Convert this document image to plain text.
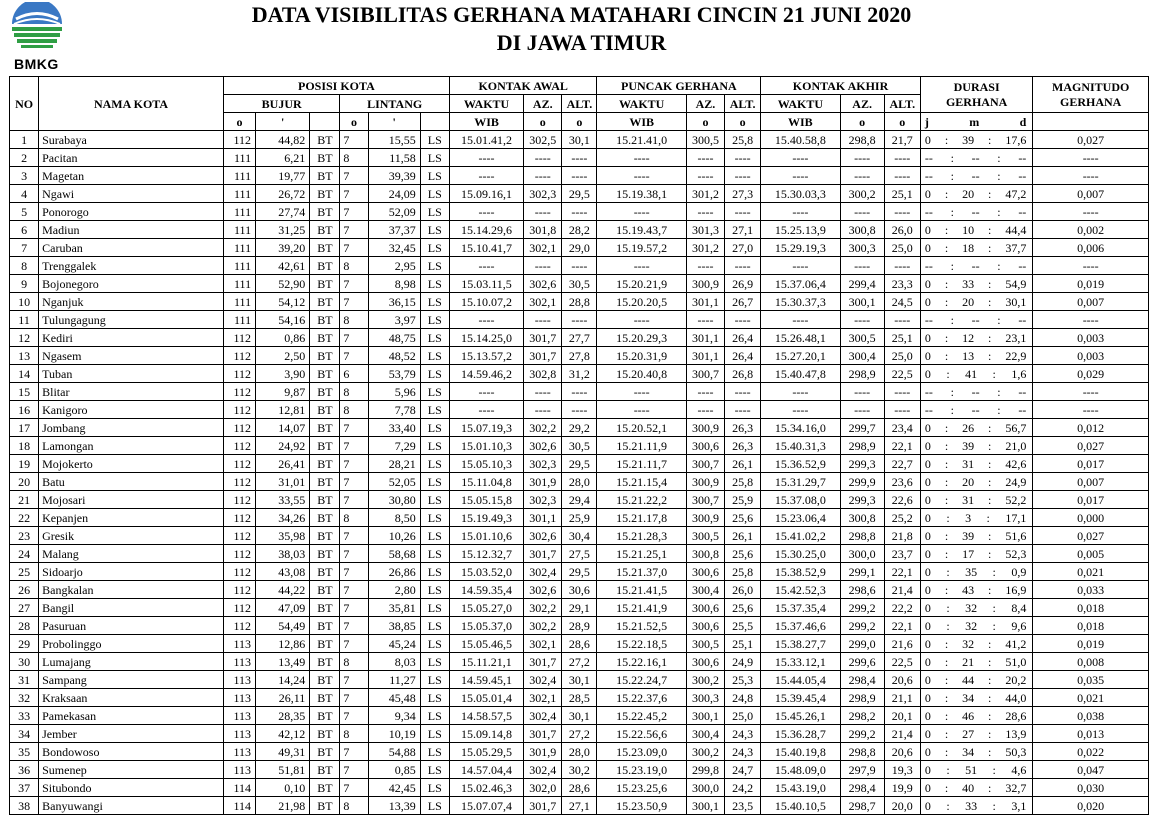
BMKG
DATA VISIBILITAS GERHANA MATAHARI CINCIN 21 JUNI 2020
DI JAWA TIMUR
NO	NAMA KOTA	POSISI KOTA						KONTAK AWAL			PUNCAK GERHANA			KONTAK AKHIR			DURASI
GERHANA	MAGNITUDO
GERHANA
		BUJUR			LINTANG			WAKTU	AZ.	ALT.	WAKTU	AZ.	ALT.	WAKTU	AZ.	ALT.		
		o	'		o	'		WIB	o	o	WIB	o	o	WIB	o	o	j m d	

1	Surabaya	112	44,82	BT	7	15,55	LS	15.01.41,2	302,5	30,1	15.21.41,0	300,5	25,8	15.40.58,8	298,8	21,7	0 : 39 : 17,6	0,027
2	Pacitan	111	6,21	BT	8	11,58	LS	----	----	----	----	----	----	----	----	----	-- : -- : --	----
3	Magetan	111	19,77	BT	7	39,39	LS	----	----	----	----	----	----	----	----	----	-- : -- : --	----
4	Ngawi	111	26,72	BT	7	24,09	LS	15.09.16,1	302,3	29,5	15.19.38,1	301,2	27,3	15.30.03,3	300,2	25,1	0 : 20 : 47,2	0,007
5	Ponorogo	111	27,74	BT	7	52,09	LS	----	----	----	----	----	----	----	----	----	-- : -- : --	----
6	Madiun	111	31,25	BT	7	37,37	LS	15.14.29,6	301,8	28,2	15.19.43,7	301,3	27,1	15.25.13,9	300,8	26,0	0 : 10 : 44,4	0,002
7	Caruban	111	39,20	BT	7	32,45	LS	15.10.41,7	302,1	29,0	15.19.57,2	301,2	27,0	15.29.19,3	300,3	25,0	0 : 18 : 37,7	0,006
8	Trenggalek	111	42,61	BT	8	2,95	LS	----	----	----	----	----	----	----	----	----	-- : -- : --	----
9	Bojonegoro	111	52,90	BT	7	8,98	LS	15.03.11,5	302,6	30,5	15.20.21,9	300,9	26,9	15.37.06,4	299,4	23,3	0 : 33 : 54,9	0,019
10	Nganjuk	111	54,12	BT	7	36,15	LS	15.10.07,2	302,1	28,8	15.20.20,5	301,1	26,7	15.30.37,3	300,1	24,5	0 : 20 : 30,1	0,007
11	Tulungagung	111	54,16	BT	8	3,97	LS	----	----	----	----	----	----	----	----	----	-- : -- : --	----
12	Kediri	112	0,86	BT	7	48,75	LS	15.14.25,0	301,7	27,7	15.20.29,3	301,1	26,4	15.26.48,1	300,5	25,1	0 : 12 : 23,1	0,003
13	Ngasem	112	2,50	BT	7	48,52	LS	15.13.57,2	301,7	27,8	15.20.31,9	301,1	26,4	15.27.20,1	300,4	25,0	0 : 13 : 22,9	0,003
14	Tuban	112	3,90	BT	6	53,79	LS	14.59.46,2	302,8	31,2	15.20.40,8	300,7	26,8	15.40.47,8	298,9	22,5	0 : 41 : 1,6	0,029
15	Blitar	112	9,87	BT	8	5,96	LS	----	----	----	----	----	----	----	----	----	-- : -- : --	----
16	Kanigoro	112	12,81	BT	8	7,78	LS	----	----	----	----	----	----	----	----	----	-- : -- : --	----
17	Jombang	112	14,07	BT	7	33,40	LS	15.07.19,3	302,2	29,2	15.20.52,1	300,9	26,3	15.34.16,0	299,7	23,4	0 : 26 : 56,7	0,012
18	Lamongan	112	24,92	BT	7	7,29	LS	15.01.10,3	302,6	30,5	15.21.11,9	300,6	26,3	15.40.31,3	298,9	22,1	0 : 39 : 21,0	0,027
19	Mojokerto	112	26,41	BT	7	28,21	LS	15.05.10,3	302,3	29,5	15.21.11,7	300,7	26,1	15.36.52,9	299,3	22,7	0 : 31 : 42,6	0,017
20	Batu	112	31,01	BT	7	52,05	LS	15.11.04,8	301,9	28,0	15.21.15,4	300,9	25,8	15.31.29,7	299,9	23,6	0 : 20 : 24,9	0,007
21	Mojosari	112	33,55	BT	7	30,80	LS	15.05.15,8	302,3	29,4	15.21.22,2	300,7	25,9	15.37.08,0	299,3	22,6	0 : 31 : 52,2	0,017
22	Kepanjen	112	34,26	BT	8	8,50	LS	15.19.49,3	301,1	25,9	15.21.17,8	300,9	25,6	15.23.06,4	300,8	25,2	0 : 3 : 17,1	0,000
23	Gresik	112	35,98	BT	7	10,26	LS	15.01.10,6	302,6	30,4	15.21.28,3	300,5	26,1	15.41.02,2	298,8	21,8	0 : 39 : 51,6	0,027
24	Malang	112	38,03	BT	7	58,68	LS	15.12.32,7	301,7	27,5	15.21.25,1	300,8	25,6	15.30.25,0	300,0	23,7	0 : 17 : 52,3	0,005
25	Sidoarjo	112	43,08	BT	7	26,86	LS	15.03.52,0	302,4	29,5	15.21.37,0	300,6	25,8	15.38.52,9	299,1	22,1	0 : 35 : 0,9	0,021
26	Bangkalan	112	44,22	BT	7	2,80	LS	14.59.35,4	302,6	30,6	15.21.41,5	300,4	26,0	15.42.52,3	298,6	21,4	0 : 43 : 16,9	0,033
27	Bangil	112	47,09	BT	7	35,81	LS	15.05.27,0	302,2	29,1	15.21.41,9	300,6	25,6	15.37.35,4	299,2	22,2	0 : 32 : 8,4	0,018
28	Pasuruan	112	54,49	BT	7	38,85	LS	15.05.37,0	302,2	28,9	15.21.52,5	300,6	25,5	15.37.46,6	299,2	22,1	0 : 32 : 9,6	0,018
29	Probolinggo	113	12,86	BT	7	45,24	LS	15.05.46,5	302,1	28,6	15.22.18,5	300,5	25,1	15.38.27,7	299,0	21,6	0 : 32 : 41,2	0,019
30	Lumajang	113	13,49	BT	8	8,03	LS	15.11.21,1	301,7	27,2	15.22.16,1	300,6	24,9	15.33.12,1	299,6	22,5	0 : 21 : 51,0	0,008
31	Sampang	113	14,24	BT	7	11,27	LS	14.59.45,1	302,4	30,1	15.22.24,7	300,2	25,3	15.44.05,4	298,4	20,6	0 : 44 : 20,2	0,035
32	Kraksaan	113	26,11	BT	7	45,48	LS	15.05.01,4	302,1	28,5	15.22.37,6	300,3	24,8	15.39.45,4	298,9	21,1	0 : 34 : 44,0	0,021
33	Pamekasan	113	28,35	BT	7	9,34	LS	14.58.57,5	302,4	30,1	15.22.45,2	300,1	25,0	15.45.26,1	298,2	20,1	0 : 46 : 28,6	0,038
34	Jember	113	42,12	BT	8	10,19	LS	15.09.14,8	301,7	27,2	15.22.56,6	300,4	24,3	15.36.28,7	299,2	21,4	0 : 27 : 13,9	0,013
35	Bondowoso	113	49,31	BT	7	54,88	LS	15.05.29,5	301,9	28,0	15.23.09,0	300,2	24,3	15.40.19,8	298,8	20,6	0 : 34 : 50,3	0,022
36	Sumenep	113	51,81	BT	7	0,85	LS	14.57.04,4	302,4	30,2	15.23.19,0	299,8	24,7	15.48.09,0	297,9	19,3	0 : 51 : 4,6	0,047
37	Situbondo	114	0,10	BT	7	42,45	LS	15.02.46,3	302,0	28,6	15.23.25,6	300,0	24,2	15.43.19,0	298,4	19,9	0 : 40 : 32,7	0,030
38	Banyuwangi	114	21,98	BT	8	13,39	LS	15.07.07,4	301,7	27,1	15.23.50,9	300,1	23,5	15.40.10,5	298,7	20,0	0 : 33 : 3,1	0,020
